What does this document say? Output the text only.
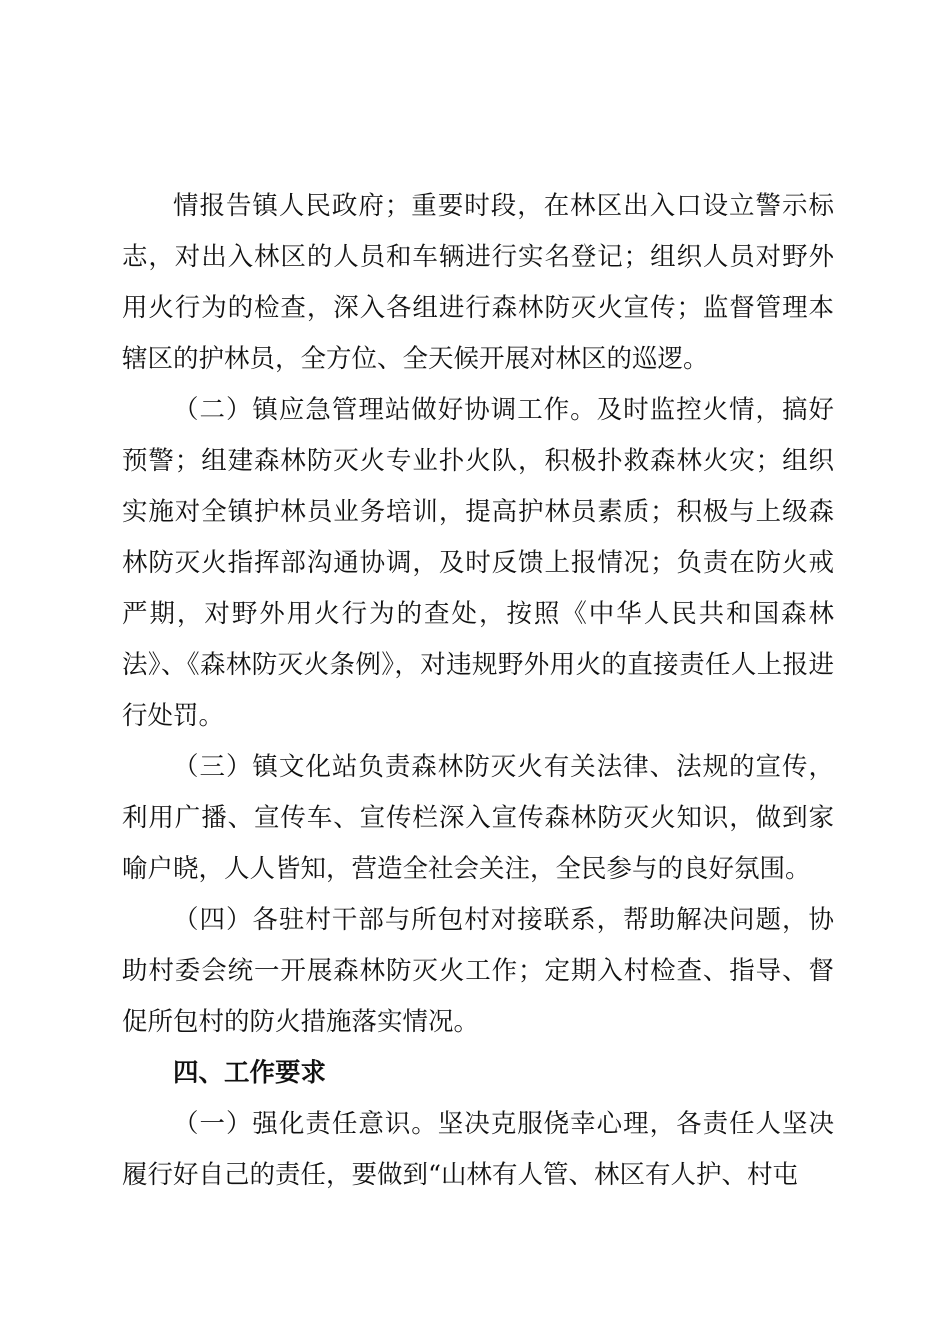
情报告镇人民政府；重要时段，在林区出入口设立警示标志，对出入林区的人员和车辆进行实名登记；组织人员对野外用火行为的检查，深入各组进行森林防灭火宣传；监督管理本辖区的护林员，全方位、全天候开展对林区的巡逻。

（二）镇应急管理站做好协调工作。及时监控火情，搞好预警；组建森林防灭火专业扑火队，积极扑救森林火灾；组织实施对全镇护林员业务培训，提高护林员素质；积极与上级森林防灭火指挥部沟通协调，及时反馈上报情况；负责在防火戒严期，对野外用火行为的查处，按照《中华人民共和国森林法》、《森林防灭火条例》，对违规野外用火的直接责任人上报进行处罚。

（三）镇文化站负责森林防灭火有关法律、法规的宣传，利用广播、宣传车、宣传栏深入宣传森林防灭火知识，做到家喻户晓，人人皆知，营造全社会关注，全民参与的良好氛围。

（四）各驻村干部与所包村对接联系，帮助解决问题，协助村委会统一开展森林防灭火工作；定期入村检查、指导、督促所包村的防火措施落实情况。

四、工作要求

（一）强化责任意识。坚决克服侥幸心理，各责任人坚决履行好自己的责任，要做到“山林有人管、林区有人护、村屯
